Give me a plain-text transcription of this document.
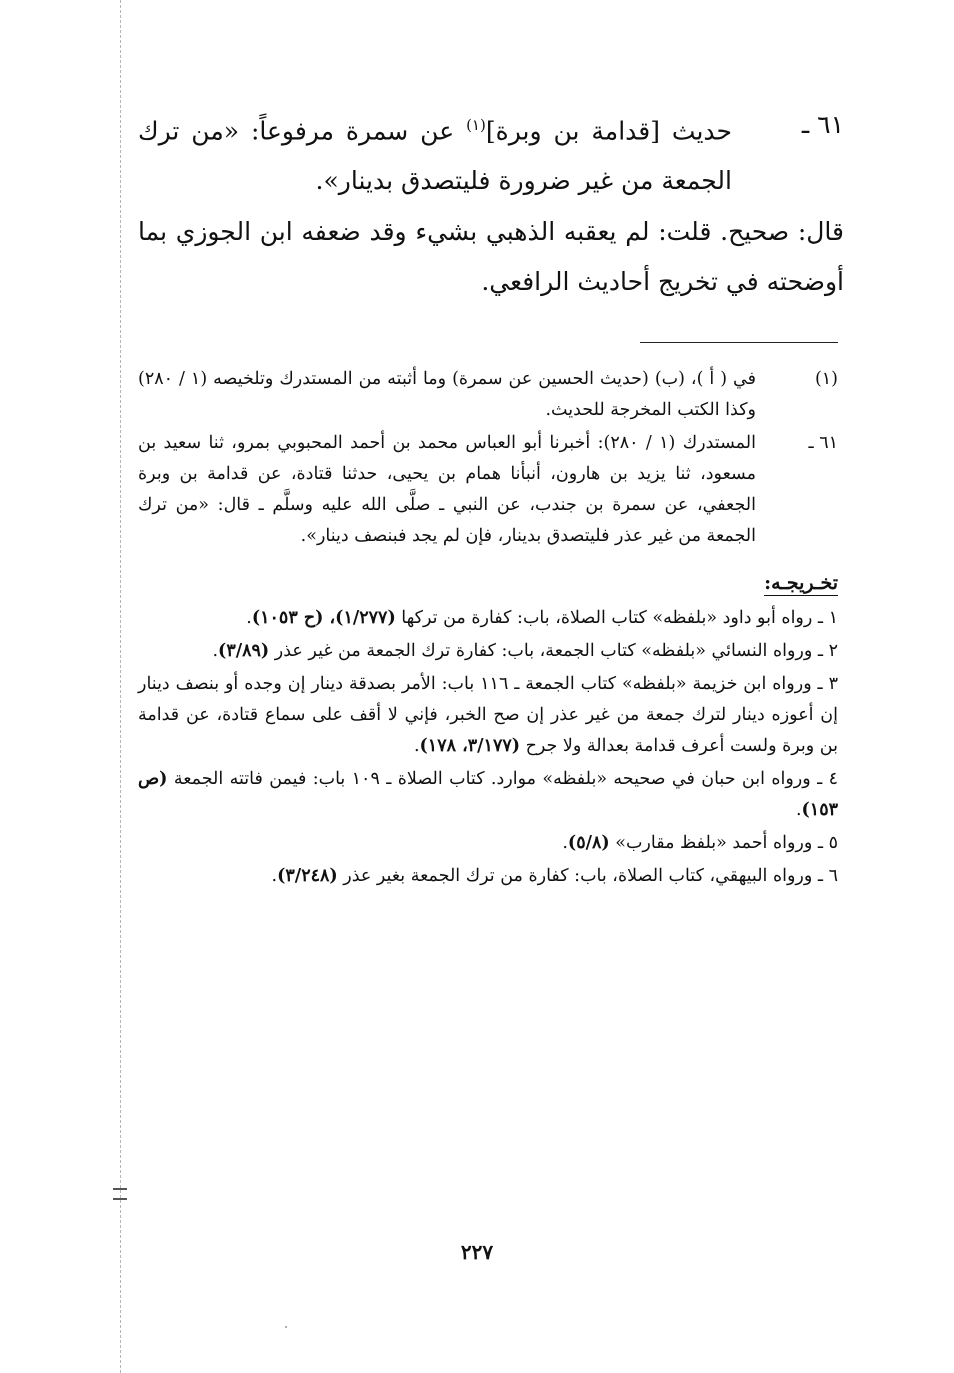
٦١ ـ
حديث [قدامة بن وبرة]$^{(١)}$ عن سمرة مرفوعاً: «من ترك الجمعة من غير ضرورة فليتصدق بدينار».
قال: صحيح. قلت: لم يعقبه الذهبي بشيء وقد ضعفه ابن الجوزي بما أوضحته في تخريج أحاديث الرافعي.
(١)
في ( أ )، (ب) (حديث الحسين عن سمرة) وما أثبته من المستدرك وتلخيصه (١ / ٢٨٠) وكذا الكتب المخرجة للحديث.
٦١ ـ
المستدرك (١ / ٢٨٠): أخبرنا أبو العباس محمد بن أحمد المحبوبي بمرو، ثنا سعيد بن مسعود، ثنا يزيد بن هارون، أنبأنا همام بن يحيى، حدثنا قتادة، عن قدامة بن وبرة الجعفي، عن سمرة بن جندب، عن النبي ـ صلَّى الله عليه وسلَّم ـ قال: «من ترك الجمعة من غير عذر فليتصدق بدينار، فإن لم يجد فبنصف دينار».
تخـريجـه:
١ ـ رواه أبو داود «بلفظه» كتاب الصلاة، باب: كفارة من تركها (١/٢٧٧)، (ح ١٠٥٣).
٢ ـ ورواه النسائي «بلفظه» كتاب الجمعة، باب: كفارة ترك الجمعة من غير عذر (٣/٨٩).
٣ ـ ورواه ابن خزيمة «بلفظه» كتاب الجمعة ـ ١١٦ باب: الأمر بصدقة دينار إن وجده أو بنصف دينار إن أعوزه دينار لترك جمعة من غير عذر إن صح الخبر، فإني لا أقف على سماع قتادة، عن قدامة بن وبرة ولست أعرف قدامة بعدالة ولا جرح (٣/١٧٧، ١٧٨).
٤ ـ ورواه ابن حبان في صحيحه «بلفظه» موارد. كتاب الصلاة ـ ١٠٩ باب: فيمن فاتته الجمعة (ص ١٥٣).
٥ ـ ورواه أحمد «بلفظ مقارب» (٥/٨).
٦ ـ ورواه البيهقي، كتاب الصلاة، باب: كفارة من ترك الجمعة بغير عذر (٣/٢٤٨).
٢٢٧
